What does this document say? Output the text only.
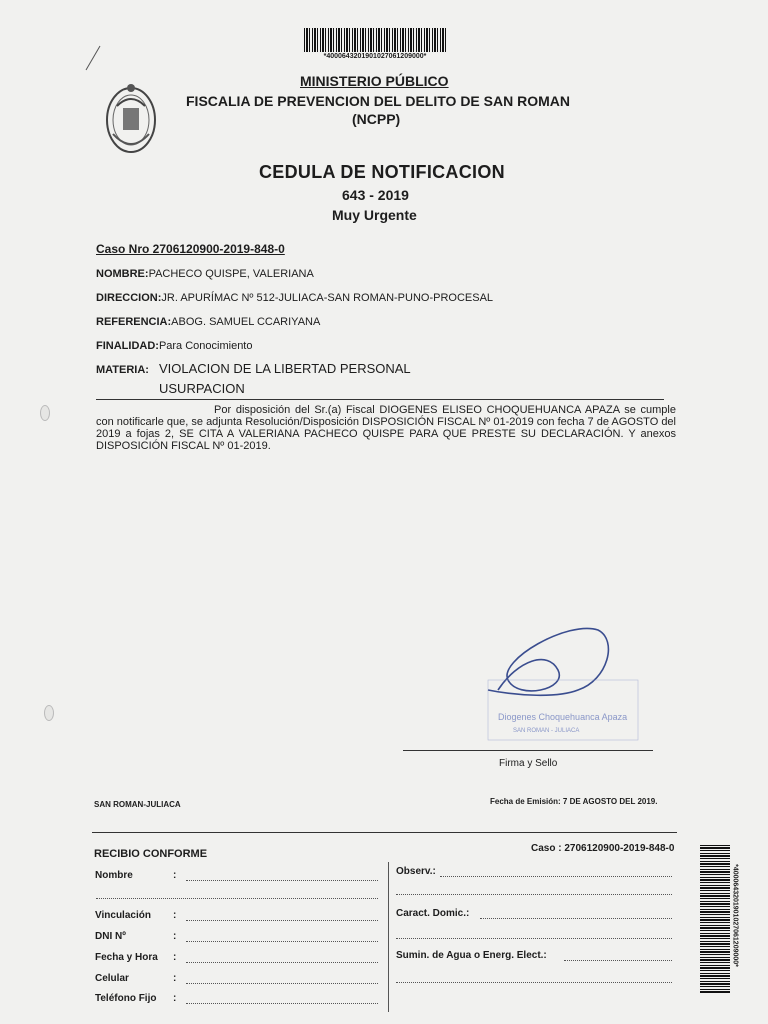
*4000643201901027061209000*
MINISTERIO PÚBLICO
FISCALIA DE PREVENCION DEL DELITO DE SAN ROMAN
(NCPP)
CEDULA DE NOTIFICACION
643 - 2019
Muy Urgente
Caso Nro 2706120900-2019-848-0
NOMBRE:PACHECO QUISPE, VALERIANA
DIRECCION:JR. APURÍMAC Nº 512-JULIACA-SAN ROMAN-PUNO-PROCESAL
REFERENCIA:ABOG. SAMUEL CCARIYANA
FINALIDAD:Para Conocimiento
MATERIA: VIOLACION DE LA LIBERTAD PERSONAL
USURPACION
Por disposición del Sr.(a) Fiscal DIOGENES ELISEO CHOQUEHUANCA APAZA se cumple con notificarle que, se adjunta Resolución/Disposición DISPOSICIÓN FISCAL Nº 01-2019 con fecha 7 de AGOSTO del 2019 a fojas 2, SE CITA A VALERIANA PACHECO QUISPE PARA QUE PRESTE SU DECLARACIÓN. Y anexos DISPOSICIÓN FISCAL Nº 01-2019.
Diogenes Choquehuanca Apaza
SAN ROMAN - JULIACA
Firma y Sello
SAN ROMAN-JULIACA	Fecha de Emisión: 7 DE AGOSTO DEL 2019.
RECIBIO CONFORME	Caso : 2706120900-2019-848-0
Nombre	:
Vinculación :
DNI Nº	:
Fecha y Hora :
Celular	:
Teléfono Fijo :
Observ.:
Caract. Domic.:
Sumin. de Agua o Energ. Elect.:	*4000643201901027061209000*
